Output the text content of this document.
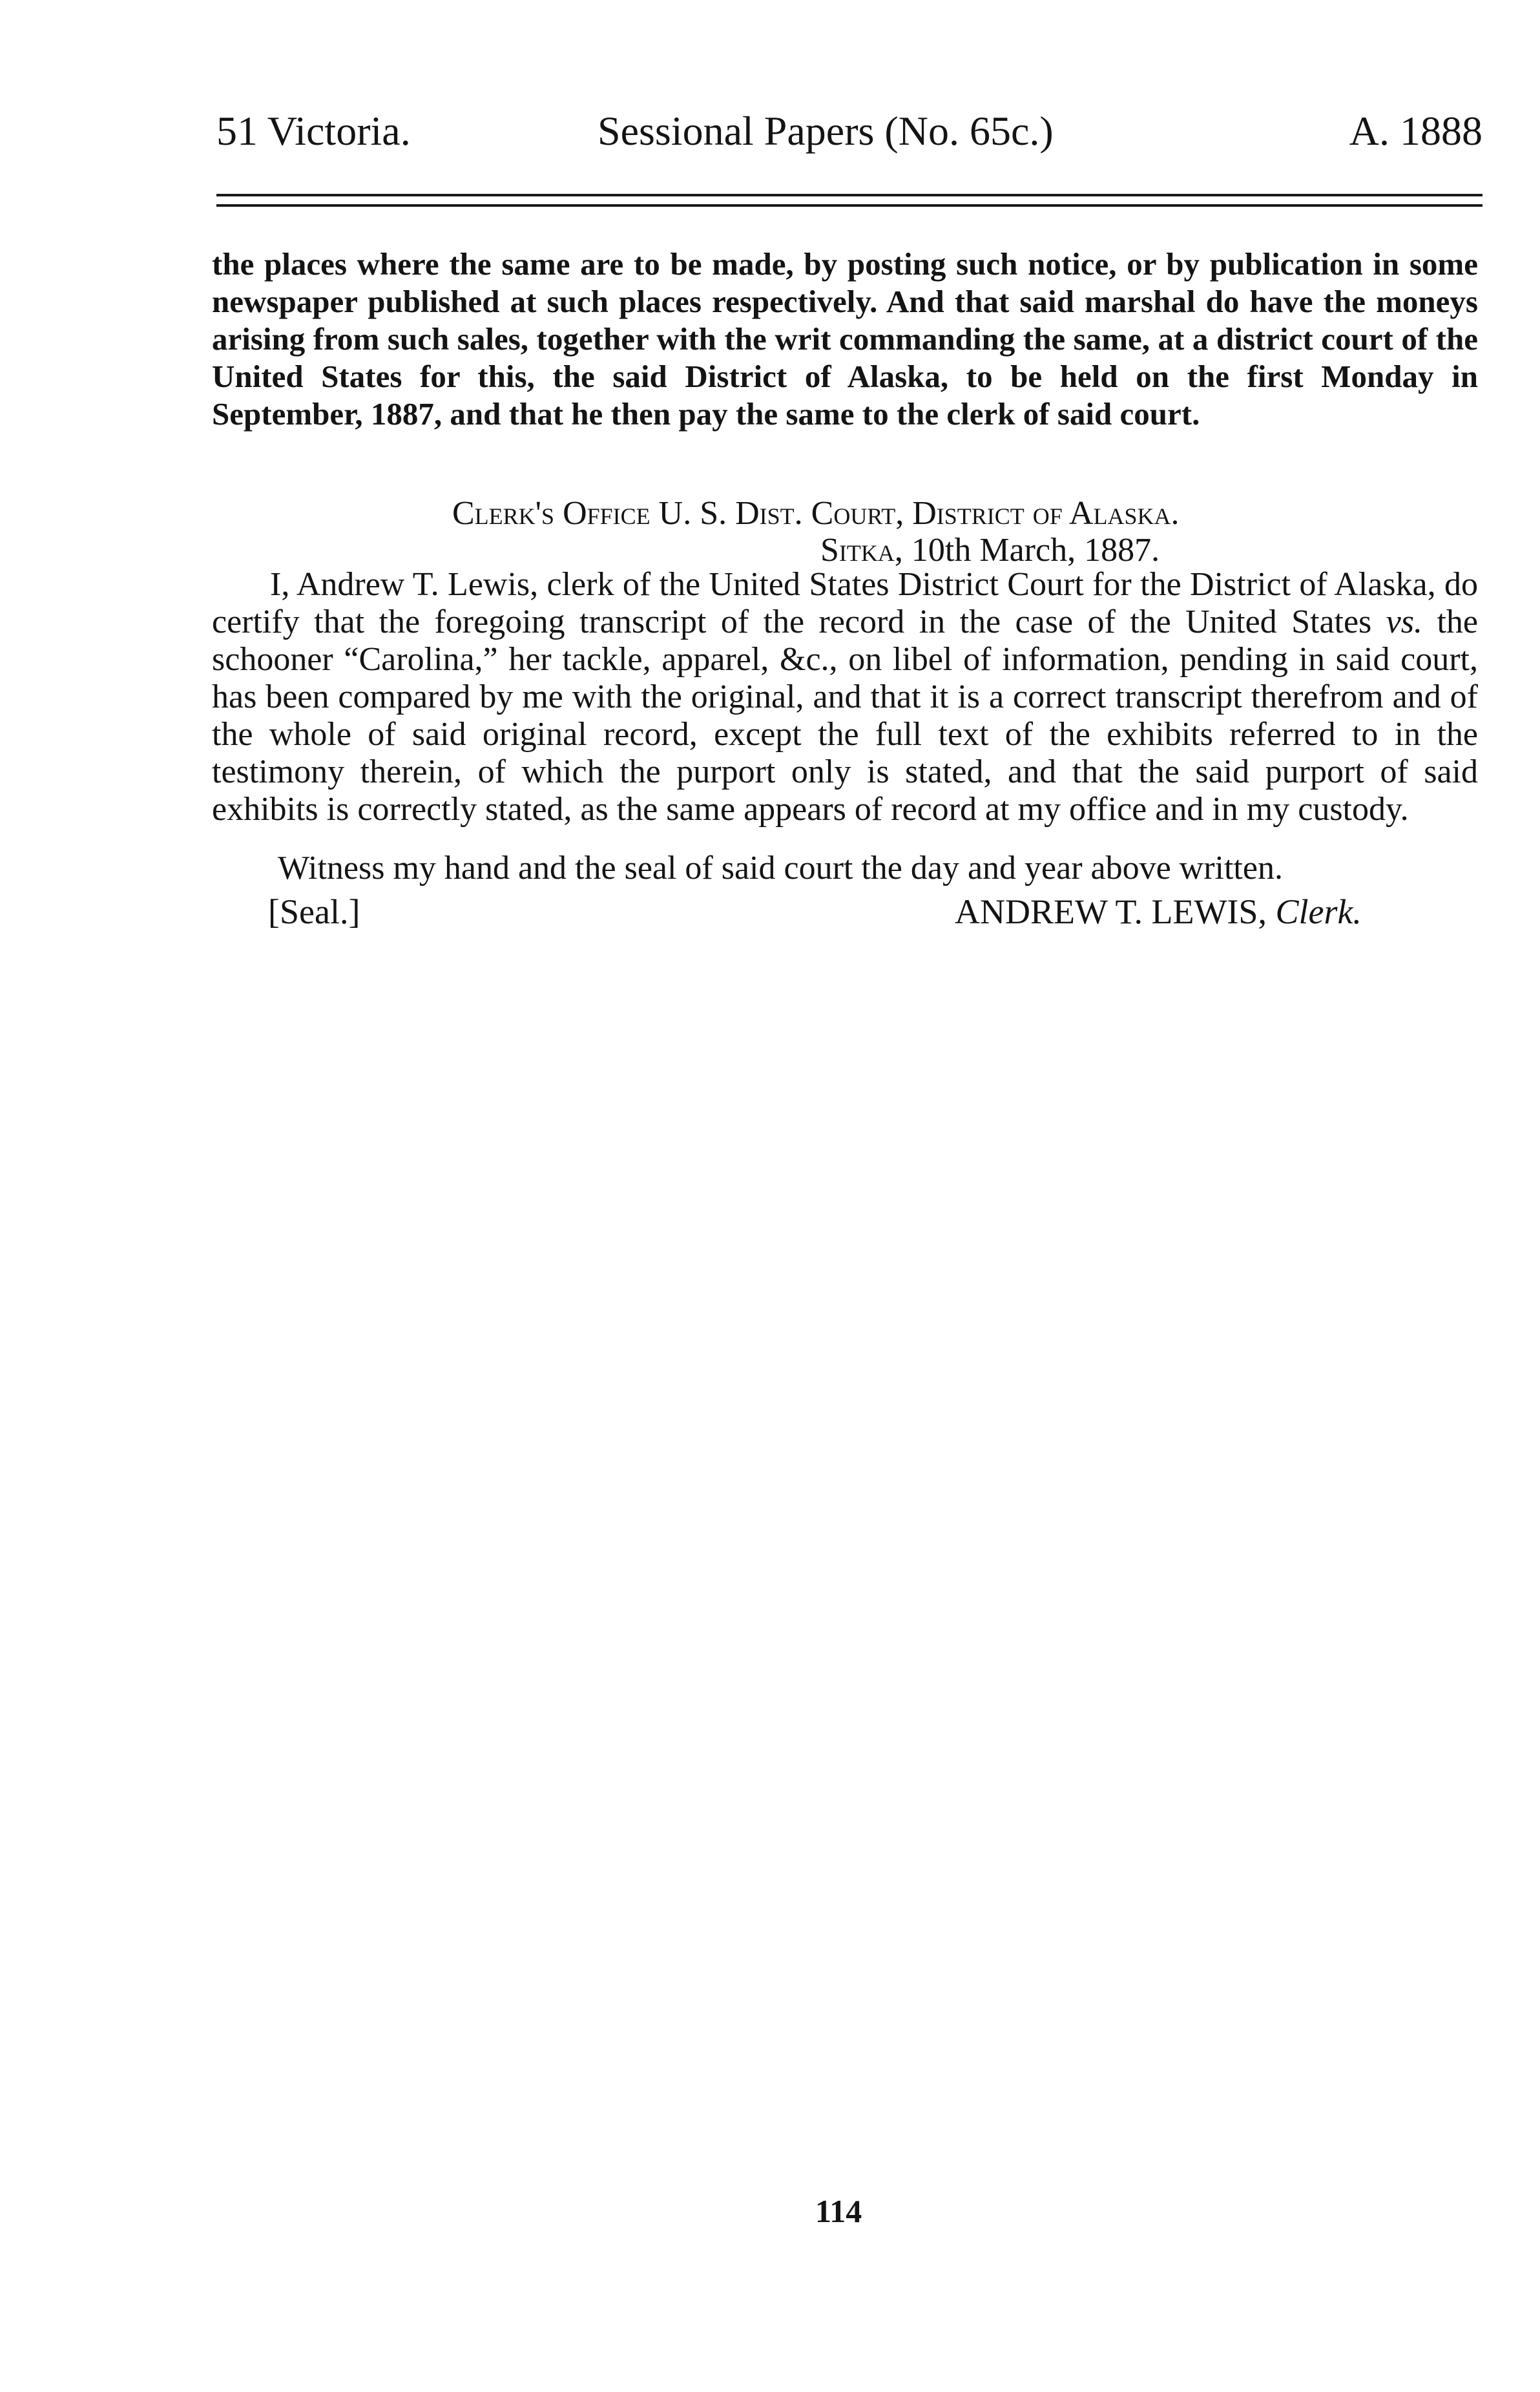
51 Victoria.	Sessional Papers (No. 65c.)	A. 1888
the places where the same are to be made, by posting such notice, or by publication in some newspaper published at such places respectively. And that said marshal do have the moneys arising from such sales, together with the writ commanding the same, at a district court of the United States for this, the said District of Alaska, to be held on the first Monday in September, 1887, and that he then pay the same to the clerk of said court.
Clerk's Office U. S. Dist. Court, District of Alaska.
Sitka, 10th March, 1887.
I, Andrew T. Lewis, clerk of the United States District Court for the District of Alaska, do certify that the foregoing transcript of the record in the case of the United States vs. the schooner “Carolina,” her tackle, apparel, &c., on libel of information, pending in said court, has been compared by me with the original, and that it is a correct transcript therefrom and of the whole of said original record, except the full text of the exhibits referred to in the testimony therein, of which the purport only is stated, and that the said purport of said exhibits is correctly stated, as the same appears of record at my office and in my custody.
Witness my hand and the seal of said court the day and year above written.
[Seal.]	ANDREW T. LEWIS, Clerk.
114
